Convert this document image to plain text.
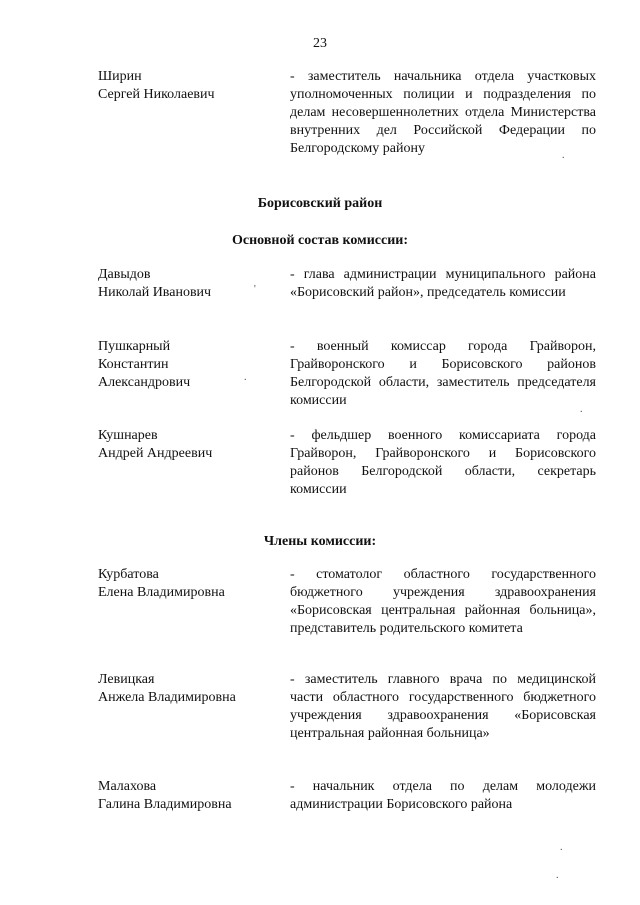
23
Ширин
Сергей Николаевич
- заместитель начальника отдела участковых уполномоченных полиции и подразделения по делам несовершеннолетних отдела Министерства внутренних дел Российской Федерации по Белгородскому району
Борисовский район
Основной состав комиссии:
Давыдов
Николай Иванович
- глава администрации муниципального района «Борисовский район», председатель комиссии
Пушкарный
Константин
Александрович
- военный комиссар города Грайворон, Грайворонского и Борисовского районов Белгородской области, заместитель председателя комиссии
Кушнарев
Андрей Андреевич
- фельдшер военного комиссариата города Грайворон, Грайворонского и Борисовского районов Белгородской области, секретарь комиссии
Члены комиссии:
Курбатова
Елена Владимировна
- стоматолог областного государственного бюджетного учреждения здравоохранения «Борисовская центральная районная больница», представитель родительского комитета
Левицкая
Анжела Владимировна
- заместитель главного врача по медицинской части областного государственного бюджетного учреждения здравоохранения «Борисовская центральная районная больница»
Малахова
Галина Владимировна
- начальник отдела по делам молодежи администрации Борисовского района
.
'
.
.
.
.
